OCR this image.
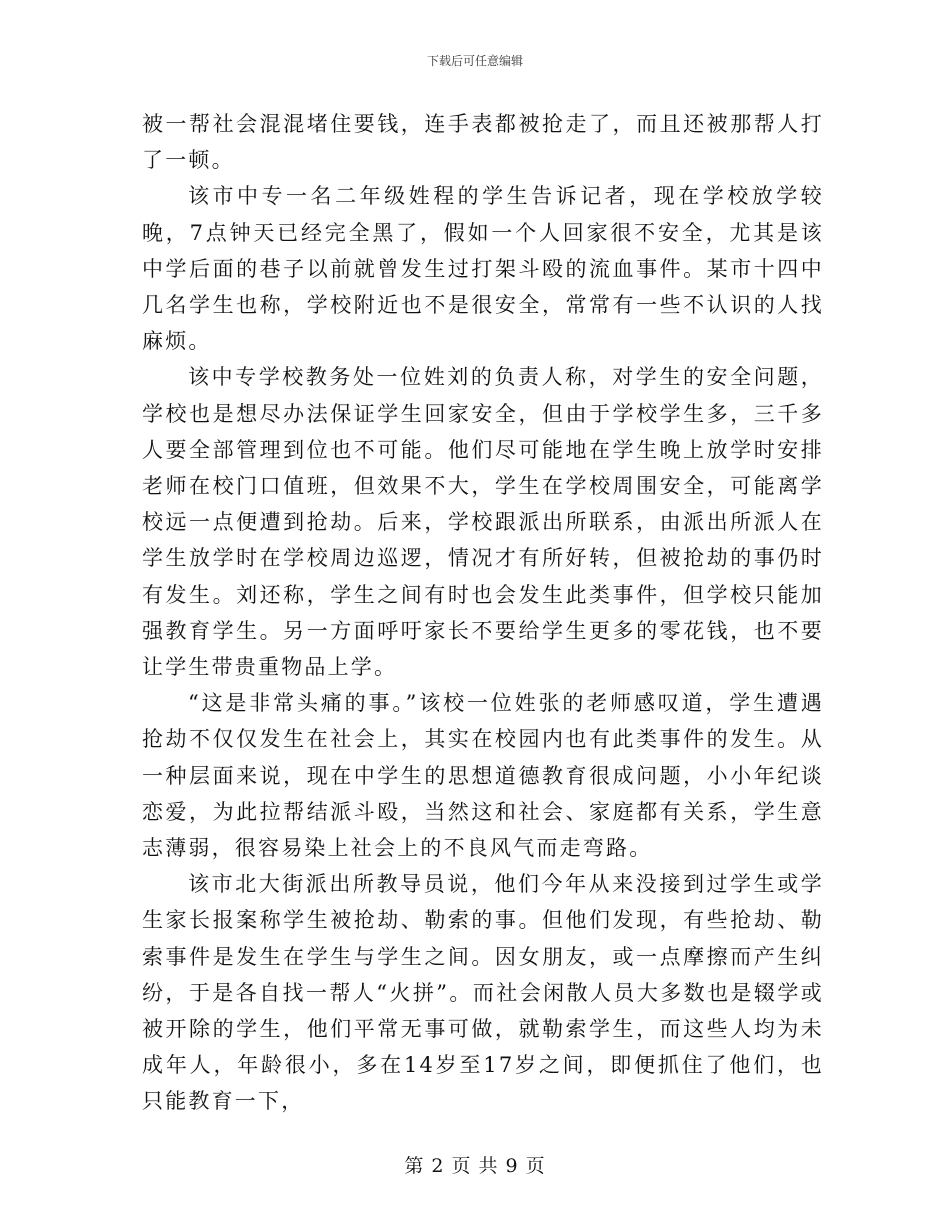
下载后可任意编辑

被一帮社会混混堵住要钱，连手表都被抢走了，而且还被那帮人打了一顿。

该市中专一名二年级姓程的学生告诉记者，现在学校放学较晚，7点钟天已经完全黑了，假如一个人回家很不安全，尤其是该中学后面的巷子以前就曾发生过打架斗殴的流血事件。某市十四中几名学生也称，学校附近也不是很安全，常常有一些不认识的人找麻烦。

该中专学校教务处一位姓刘的负责人称，对学生的安全问题，学校也是想尽办法保证学生回家安全，但由于学校学生多，三千多人要全部管理到位也不可能。他们尽可能地在学生晚上放学时安排老师在校门口值班，但效果不大，学生在学校周围安全，可能离学校远一点便遭到抢劫。后来，学校跟派出所联系，由派出所派人在学生放学时在学校周边巡逻，情况才有所好转，但被抢劫的事仍时有发生。刘还称，学生之间有时也会发生此类事件，但学校只能加强教育学生。另一方面呼吁家长不要给学生更多的零花钱，也不要让学生带贵重物品上学。

“这是非常头痛的事。”该校一位姓张的老师感叹道，学生遭遇抢劫不仅仅发生在社会上，其实在校园内也有此类事件的发生。从一种层面来说，现在中学生的思想道德教育很成问题，小小年纪谈恋爱，为此拉帮结派斗殴，当然这和社会、家庭都有关系，学生意志薄弱，很容易染上社会上的不良风气而走弯路。

该市北大街派出所教导员说，他们今年从来没接到过学生或学生家长报案称学生被抢劫、勒索的事。但他们发现，有些抢劫、勒索事件是发生在学生与学生之间。因女朋友，或一点摩擦而产生纠纷，于是各自找一帮人“火拼”。而社会闲散人员大多数也是辍学或被开除的学生，他们平常无事可做，就勒索学生，而这些人均为未成年人，年龄很小，多在14岁至17岁之间，即便抓住了他们，也只能教育一下，

第 2 页 共 9 页
